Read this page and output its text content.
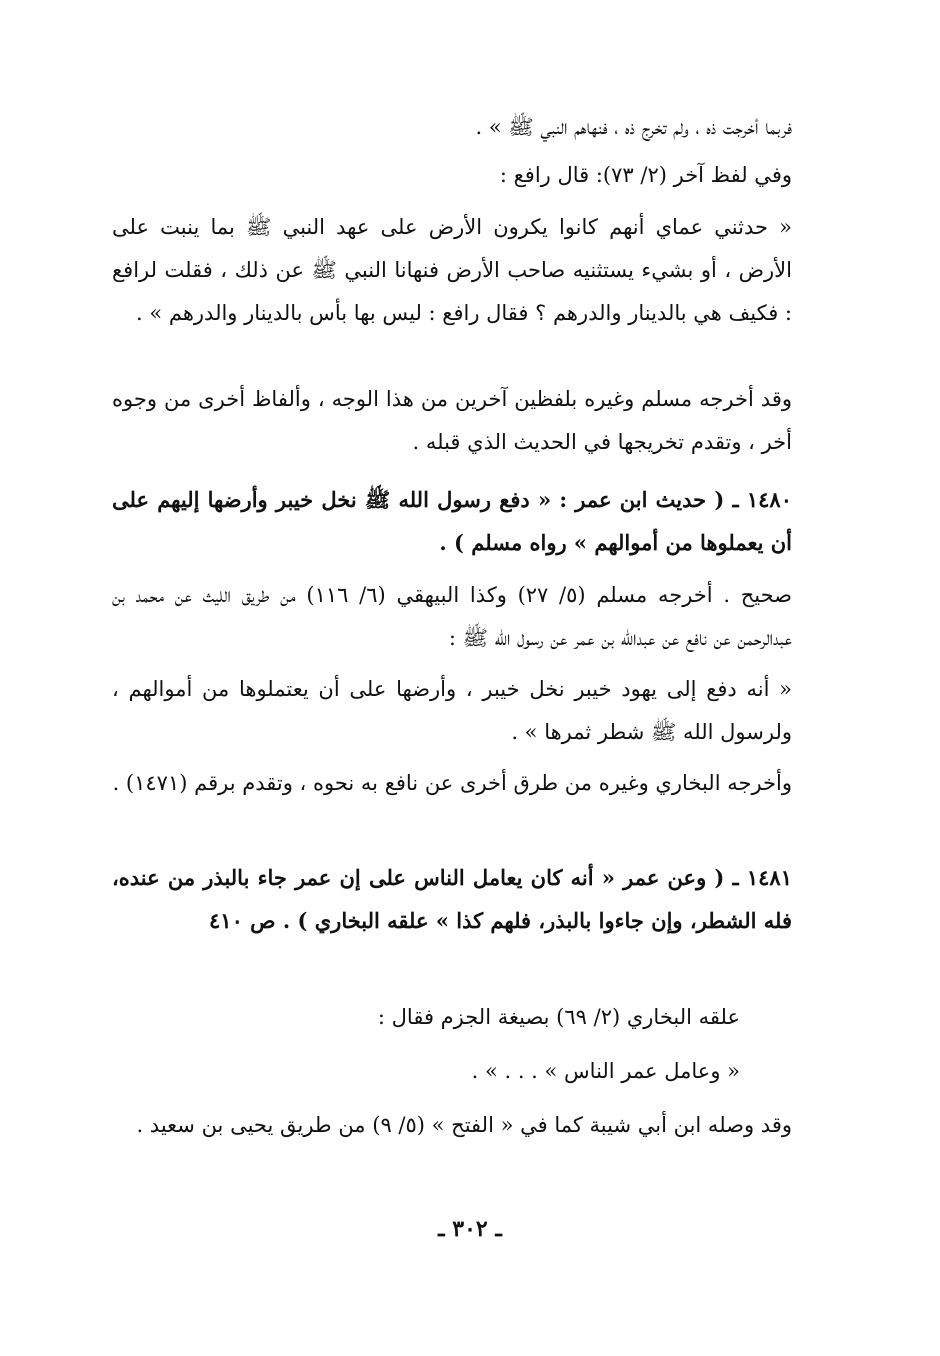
فربما أخرجت ذه ، ولم تخرج ذه ، فنهاهم النبي ﷺ » .

وفي لفظ آخر (٢/ ٧٣): قال رافع :

« حدثني عماي أنهم كانوا يكرون الأرض على عهد النبي ﷺ بما ينبت على الأرض ، أو بشيء يستثنيه صاحب الأرض فنهانا النبي ﷺ عن ذلك ، فقلت لرافع : فكيف هي بالدينار والدرهم ؟ فقال رافع : ليس بها بأس بالدينار والدرهم » .

وقد أخرجه مسلم وغيره بلفظين آخرين من هذا الوجه ، وألفاظ أخرى من وجوه أخر ، وتقدم تخريجها في الحديث الذي قبله .

١٤٨٠ ـ ( حديث ابن عمر : « دفع رسول الله ﷺ نخل خيبر وأرضها إليهم على أن يعملوها من أموالهم » رواه مسلم ) .

صحيح . أخرجه مسلم (٥/ ٢٧) وكذا البيهقي (٦/ ١١٦) من طريق الليث عن محمد بن عبدالرحمن عن نافع عن عبدالله بن عمر عن رسول الله ﷺ :

« أنه دفع إلى يهود خيبر نخل خيبر ، وأرضها على أن يعتملوها من أموالهم ، ولرسول الله ﷺ شطر ثمرها » .

وأخرجه البخاري وغيره من طرق أخرى عن نافع به نحوه ، وتقدم برقم (١٤٧١) .

١٤٨١ ـ ( وعن عمر « أنه كان يعامل الناس على إن عمر جاء بالبذر من عنده، فله الشطر، وإن جاءوا بالبذر، فلهم كذا » علقه البخاري ) . ص ٤١٠

علقه البخاري (٢/ ٦٩) بصيغة الجزم فقال :

« وعامل عمر الناس » . . . » .

وقد وصله ابن أبي شيبة كما في « الفتح » (٥/ ٩) من طريق يحيى بن سعيد .

ـ ٣٠٢ ـ
